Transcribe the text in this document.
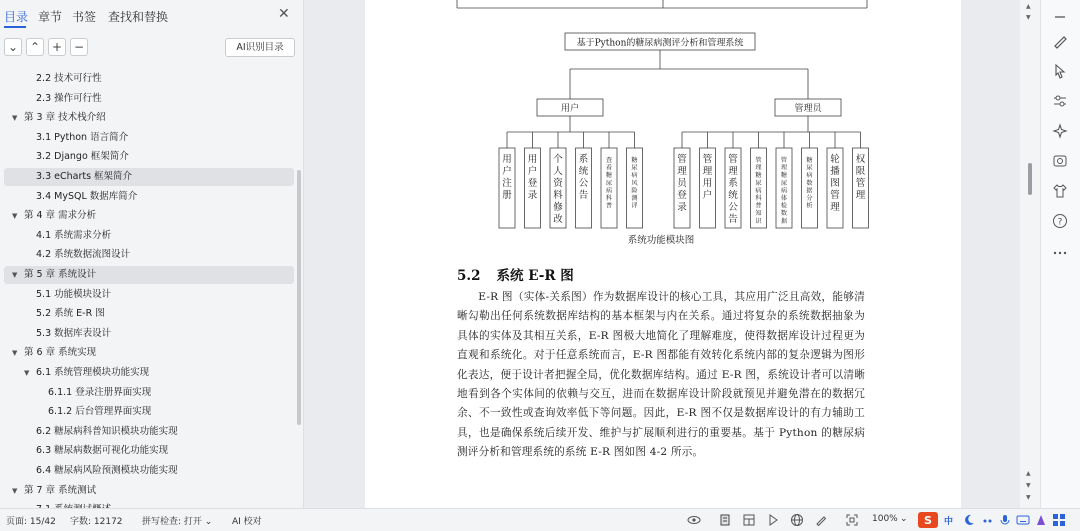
目录 章节 书签 查找和替换	✕
⌄ ⌃ + −	AI识别目录
2.2 技术可行性
2.3 操作可行性
▼ 第 3 章 技术栈介绍
3.1 Python 语言简介
3.2 Django 框架简介
3.3 eCharts 框架简介
3.4 MySQL 数据库简介
▼ 第 4 章 需求分析
4.1 系统需求分析
4.2 系统数据流图设计
▼ 第 5 章 系统设计
5.1 功能模块设计
5.2 系统 E-R 图
5.3 数据库表设计
▼ 第 6 章 系统实现
▼ 6.1 系统管理模块功能实现
6.1.1 登录注册界面实现
6.1.2 后台管理界面实现
6.2 糖尿病科普知识模块功能实现
6.3 糖尿病数据可视化功能实现
6.4 糖尿病风险预测模块功能实现
▼ 第 7 章 系统测试
基于Python的糖尿病测评分析和管理系统
用户	管理员
用户注册
用户登录
个人资料修改
系统公告
查看糖尿病科普
糖尿病风险测评
管理员登录
管理用户
管理系统公告
管理糖尿病科普知识
管理糖尿病体检数据
糖尿病数据分析
轮播图管理
权限管理
系统功能模块图
5.2 系统 E-R 图

E-R 图（实体-关系图）作为数据库设计的核心工具，其应用广泛且高效，能够清晰勾勒出任何系统数据库结构的基本框架与内在关系。通过将复杂的系统数据抽象为具体的实体及其相互关系，E-R 图极大地简化了理解难度，使得数据库设计过程更为直观和系统化。对于任意系统而言，E-R 图都能有效转化系统内部的复杂逻辑为图形化表达，便于设计者把握全局，优化数据库结构。通过 E-R 图，系统设计者可以清晰地看到各个实体间的依赖与交互，进而在数据库设计阶段就预见并避免潜在的数据冗余、不一致性或查询效率低下等问题。因此，E-R 图不仅是数据库设计的有力辅助工具，也是确保系统后续开发、维护与扩展顺利进行的重要基。基于 Python 的糖尿病测评分析和管理系统的系统 E-R 图如图 4-2 所示。

▲
▼
▲
▼
▼
?
页面: 15/42 字数: 12172 拼写检查: 打开 ⌄ AI 校对	100% ⌄ S 中
